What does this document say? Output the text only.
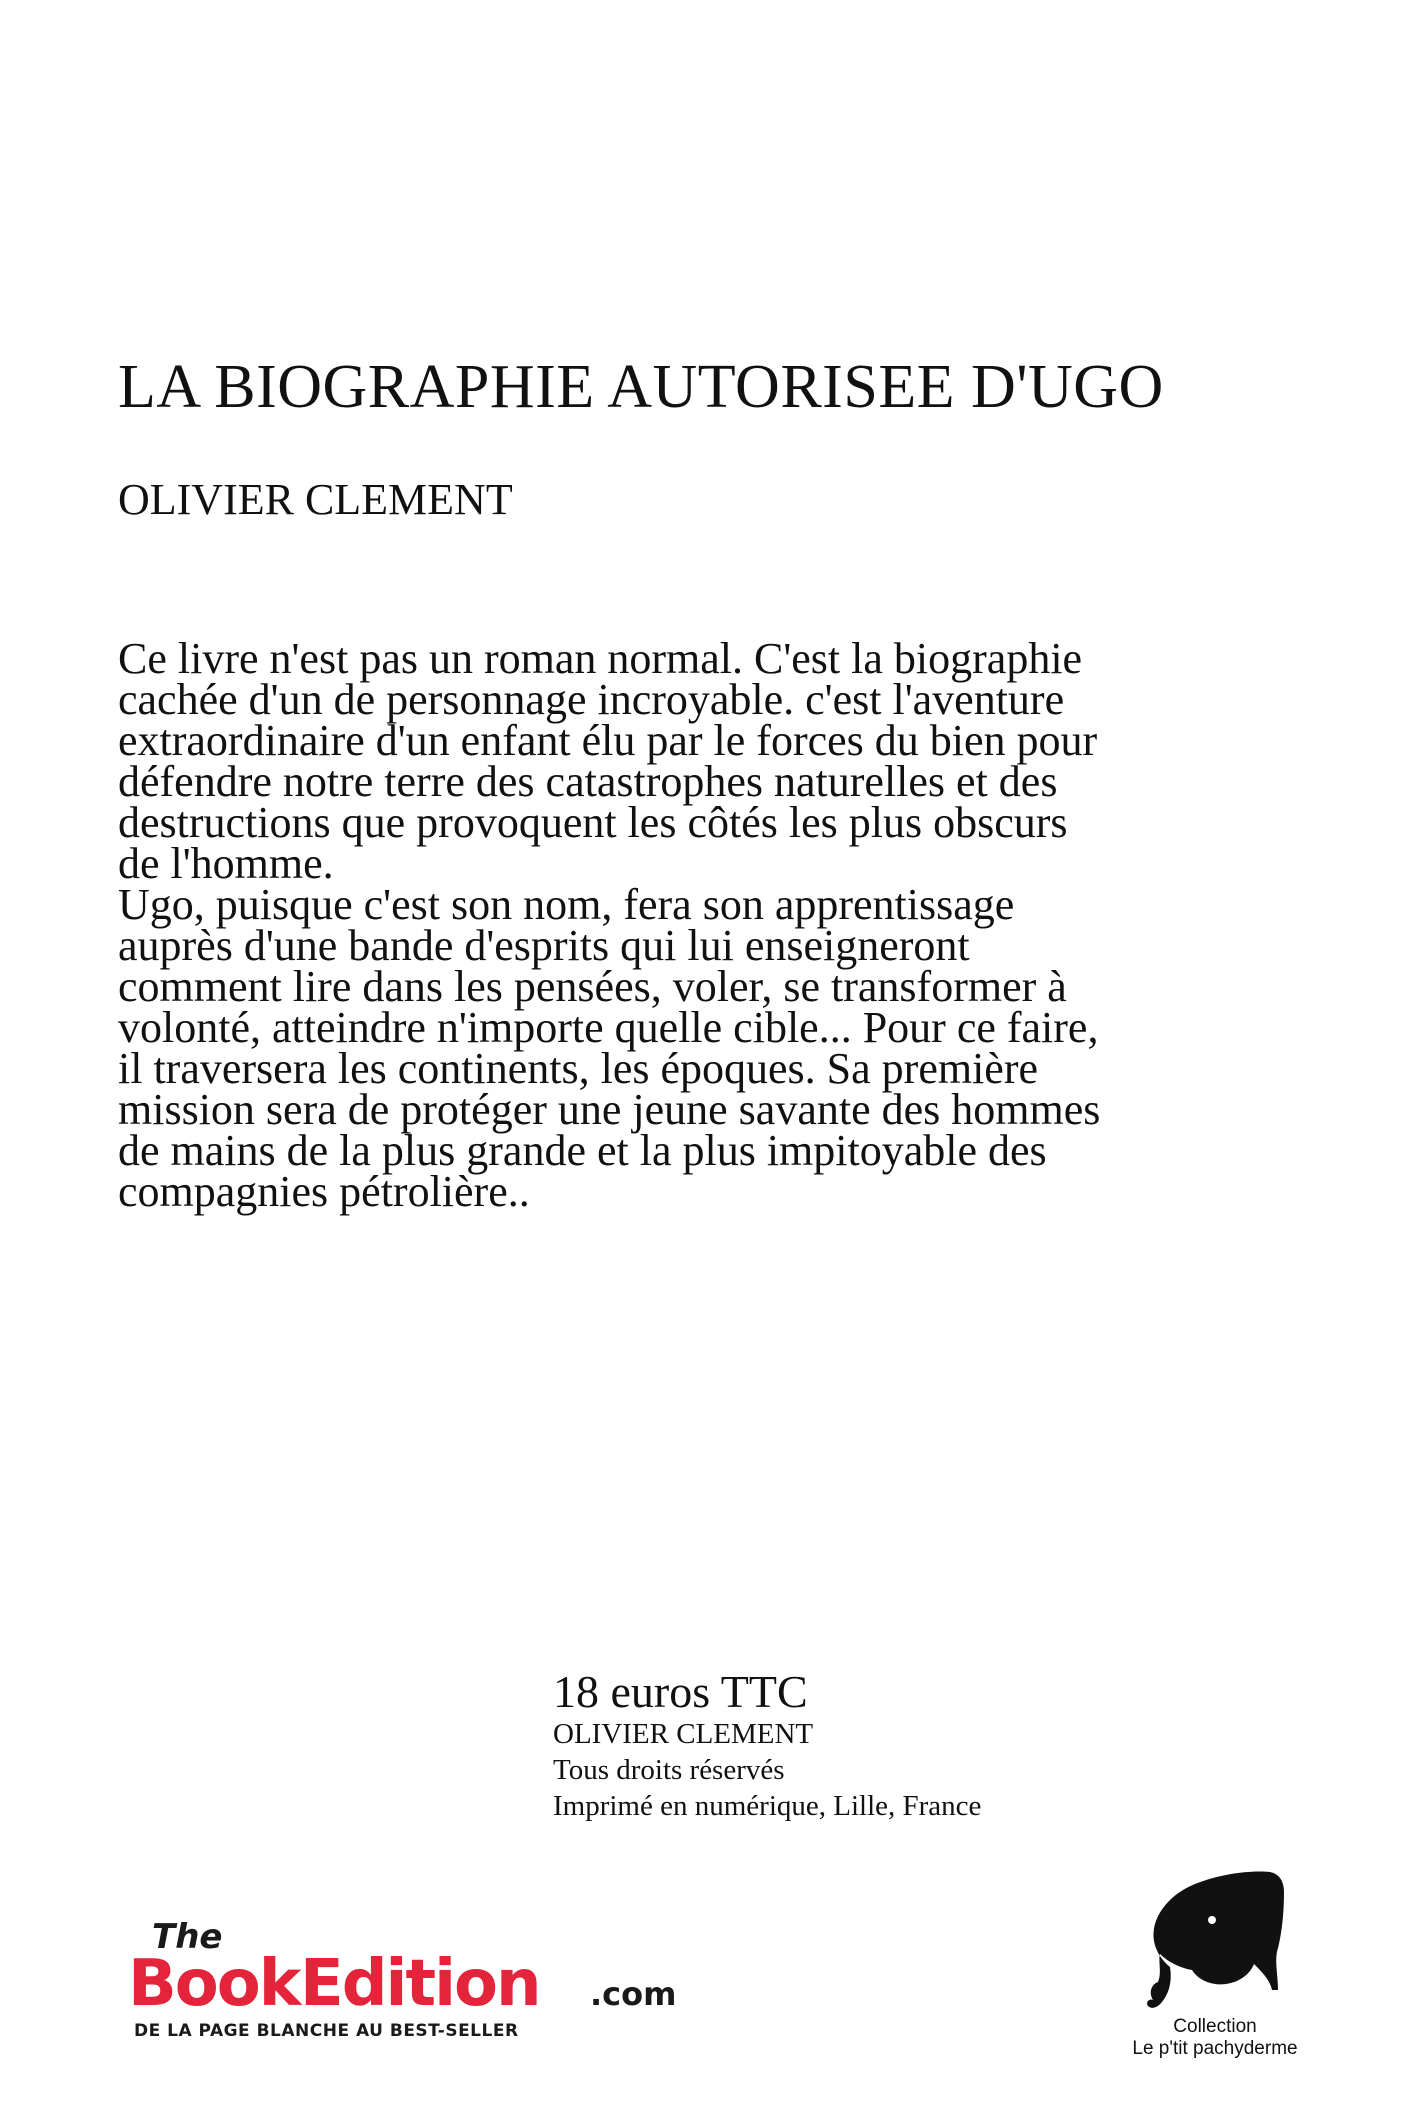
LA BIOGRAPHIE AUTORISEE D'UGO
OLIVIER CLEMENT

Ce livre n'est pas un roman normal. C'est la biographie cachée d'un de personnage incroyable. c'est l'aventure extraordinaire d'un enfant élu par le forces du bien pour défendre notre terre des catastrophes naturelles et des destructions que provoquent les côtés les plus obscurs de l'homme.

Ugo, puisque c'est son nom, fera son apprentissage auprès d'une bande d'esprits qui lui enseigneront comment lire dans les pensées, voler, se transformer à volonté, atteindre n'importe quelle cible... Pour ce faire, il traversera les continents, les époques. Sa première mission sera de protéger une jeune savante des hommes de mains de la plus grande et la plus impitoyable des compagnies pétrolière..

18 euros TTC
OLIVIER CLEMENT
Tous droits réservés
Imprimé en numérique, Lille, France
The
Book Edition .com
DE LA PAGE BLANCHE AU BEST-SELLER	Collection
Le p'tit pachyderme
